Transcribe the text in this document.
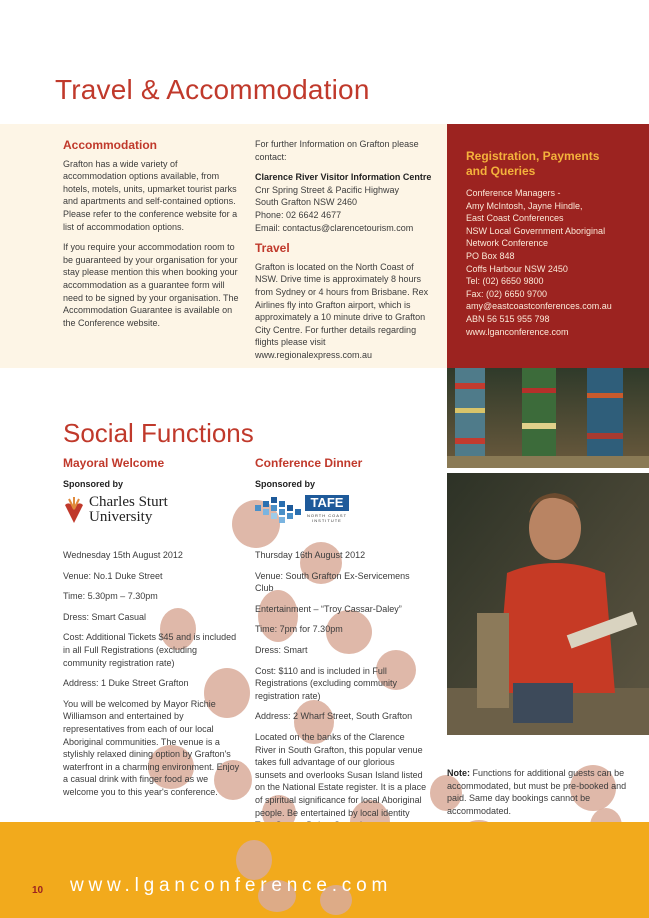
Travel & Accommodation
Accommodation

Grafton has a wide variety of accommodation options available, from hotels, motels, units, upmarket tourist parks and apartments and self-contained options. Please refer to the conference website for a list of accommodation options.

If you require your accommodation room to be guaranteed by your organisation for your stay please mention this when booking your accommodation as a guarantee form will need to be signed by your organisation. The Accommodation Guarantee is available on the Conference website.

For further Information on Grafton please contact:

Clarence River Visitor Information Centre
Cnr Spring Street & Pacific Highway
South Grafton NSW 2460
Phone: 02 6642 4677
Email: contactus@clarencetourism.com
Travel

Grafton is located on the North Coast of NSW. Drive time is approximately 8 hours from Sydney or 4 hours from Brisbane. Rex Airlines fly into Grafton airport, which is approximately a 10 minute drive to Grafton City Centre. For further details regarding flights please visit www.regionalexpress.com.au

Registration, Payments
and Queries
Conference Managers -
Amy McIntosh, Jayne Hindle,
East Coast Conferences
NSW Local Government Aboriginal
Network Conference
PO Box 848
Coffs Harbour NSW 2450
Tel: (02) 6650 9800
Fax: (02) 6650 9700
amy@eastcoastconferences.com.au
ABN 56 515 955 798
www.lganconference.com
Social Functions
Mayoral Welcome
Sponsored by
Charles Sturt
University

Wednesday 15th August 2012

Venue: No.1 Duke Street

Time: 5.30pm – 7.30pm

Dress: Smart Casual

Cost: Additional Tickets $45 and is included in all Full Registrations (excluding community registration rate)

Address: 1 Duke Street Grafton

You will be welcomed by Mayor Richie Williamson and entertained by representatives from each of our local Aboriginal communities. The venue is a stylishly relaxed dining option by Grafton's waterfront in a charming environment. Enjoy a casual drink with finger food as we welcome you to this year's conference.

Conference Dinner
Sponsored by
TAFE
NORTH COAST
INSTITUTE

Thursday 16th August 2012

Venue: South Grafton Ex-Servicemens Club

Entertainment – “Troy Cassar-Daley”

Time: 7pm for 7.30pm

Dress: Smart

Cost: $110 and is included in Full Registrations (excluding community registration rate)

Address: 2 Wharf Street, South Grafton

Located on the banks of the Clarence River in South Grafton, this popular venue takes full advantage of our glorious sunsets and overlooks Susan Island listed on the National Estate register. It is a place of spiritual significance for local Aboriginal people. Be entertained by local identity

Note: Functions for additional guests can be accommodated, but must be pre-booked and paid. Same day bookings cannot be accommodated.
10 www.lganconference.com
